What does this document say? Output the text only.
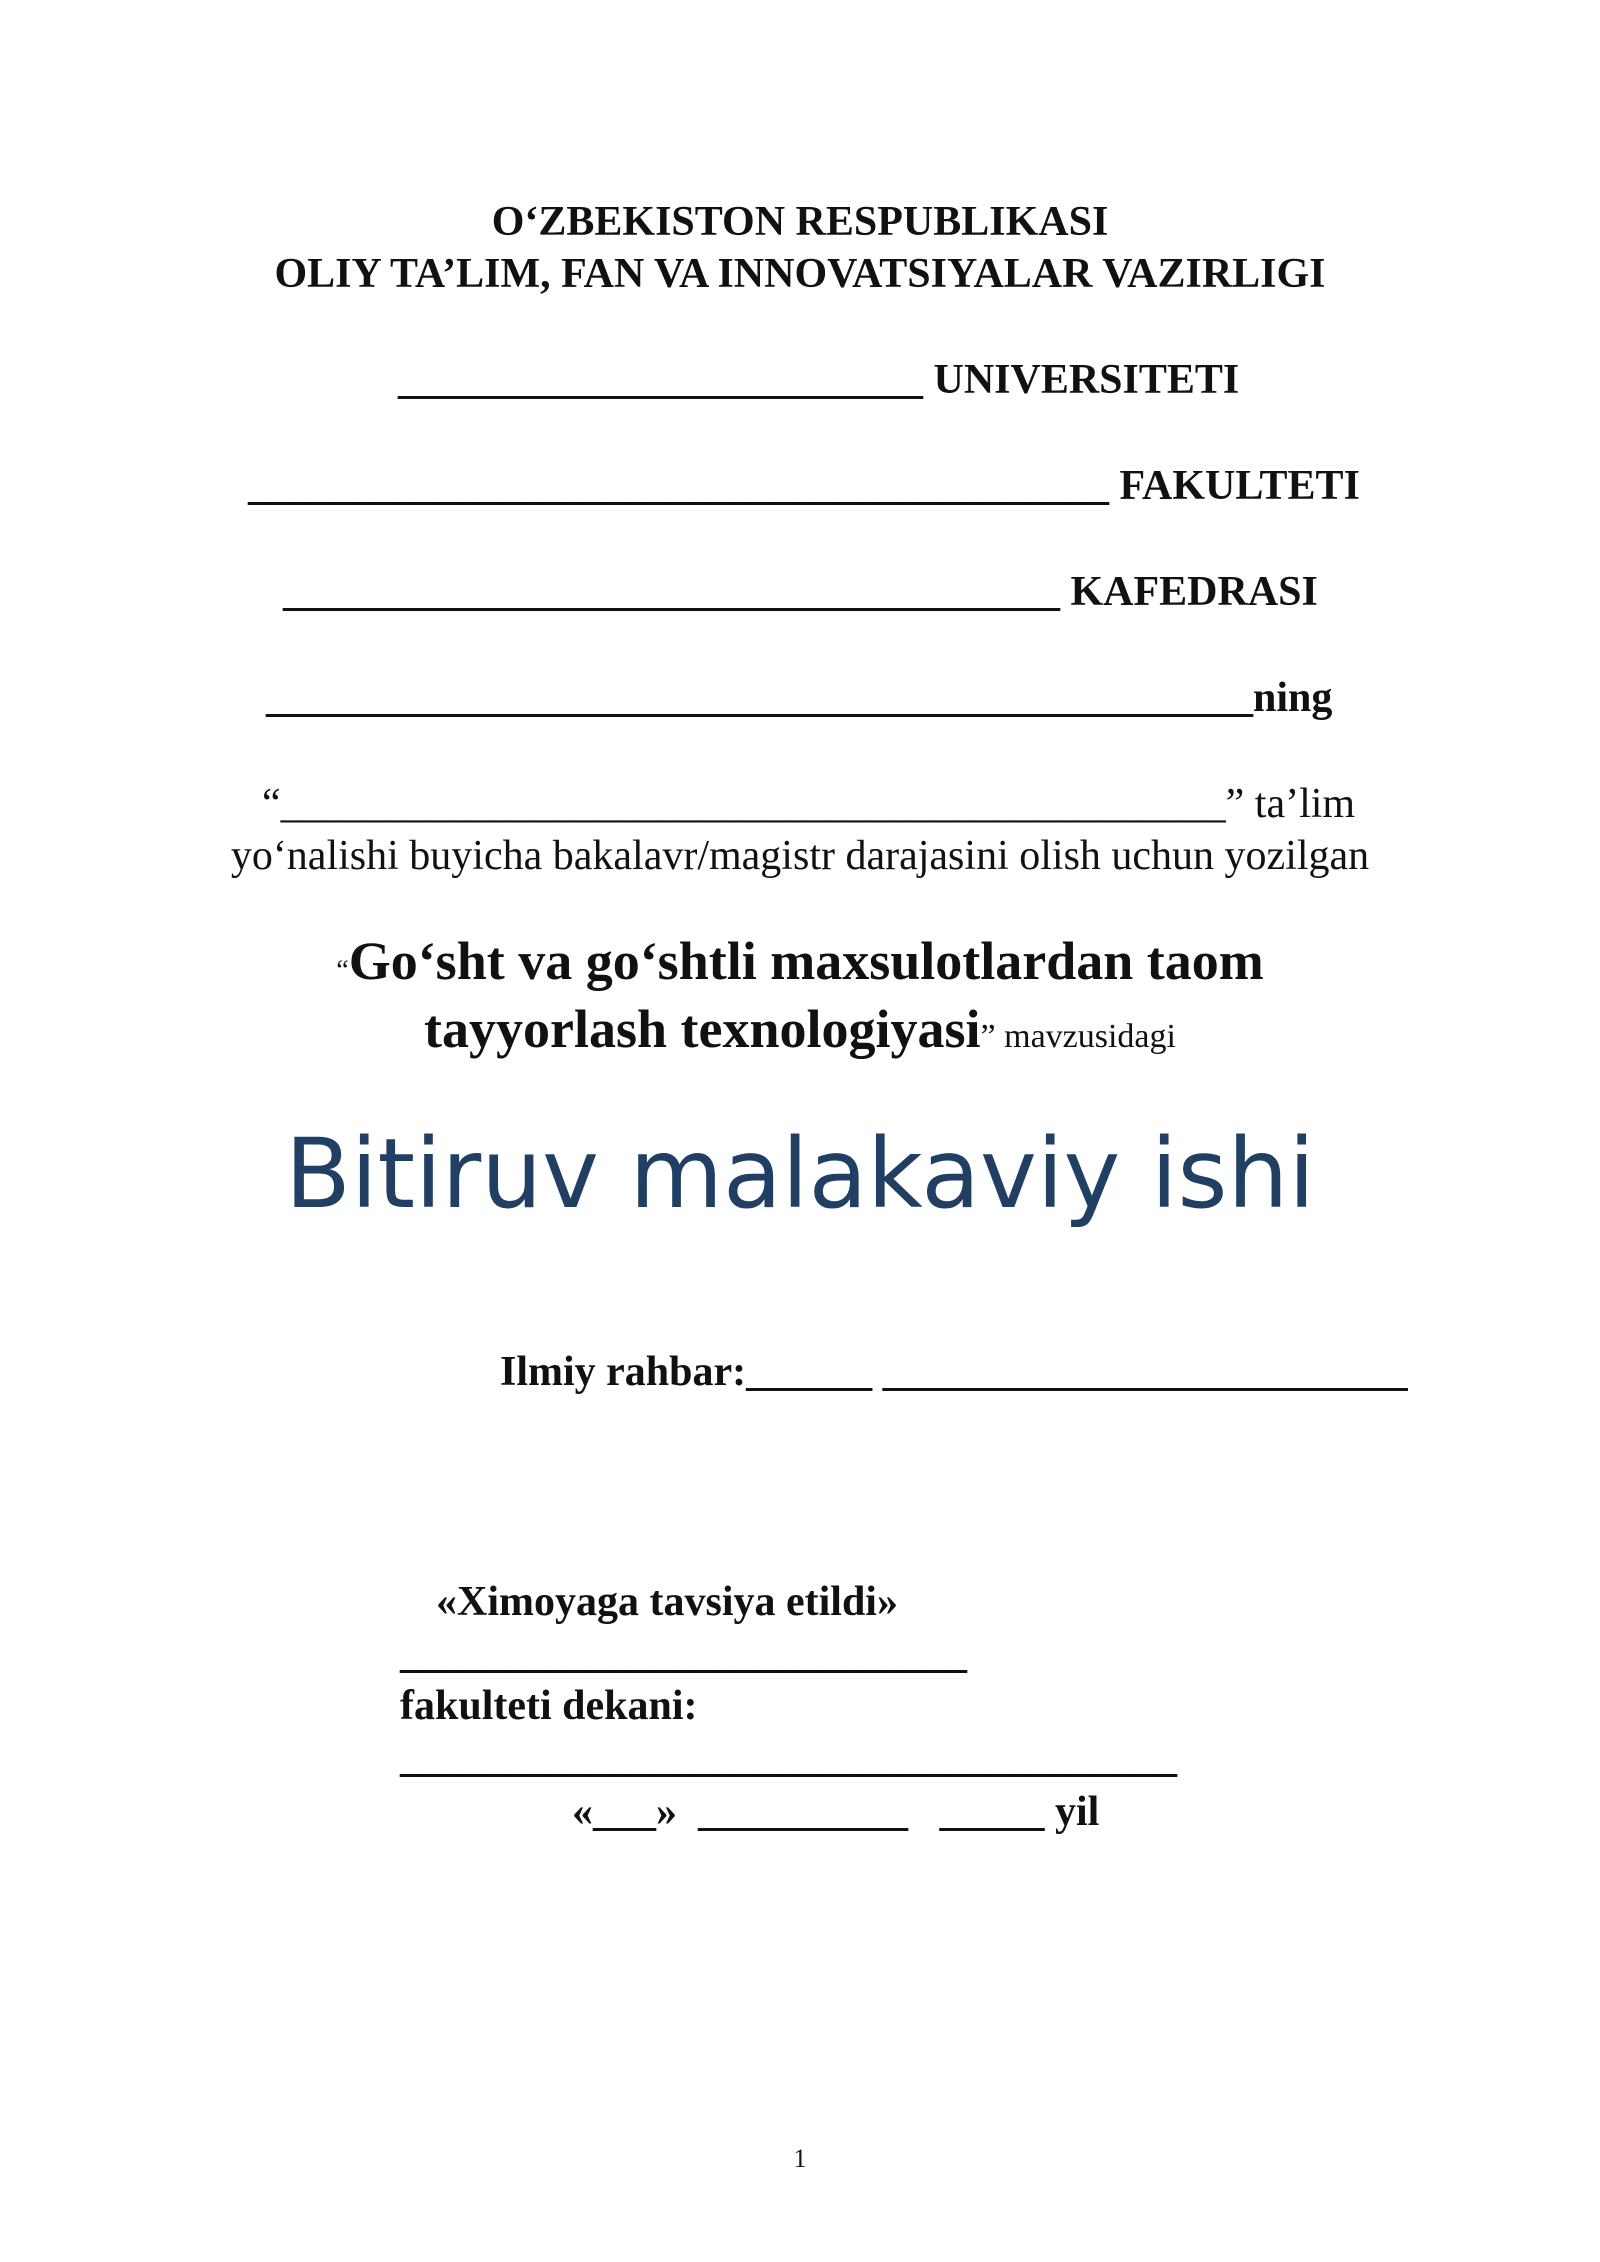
O‘ZBEKISTON RESPUBLIKASI
OLIY TA’LIM, FAN VA INNOVATSIYALAR VAZIRLIGI
_________________________ UNIVERSITETI
_________________________________________ FAKULTETI
_____________________________________ KAFEDRASI
_______________________________________________ning
“_____________________________________________” ta’lim
yo‘nalishi buyicha bakalavr/magistr darajasini olish uchun yozilgan
“Go‘sht va go‘shtli maxsulotlardan taom
tayyorlash texnologiyasi” mavzusidagi
Bitiruv malakaviy ishi
Ilmiy rahbar:______ _________________________
«Ximoyaga tavsiya etildi»
___________________________
fakulteti dekani:
_____________________________________
«___» __________ _____ yil
1
